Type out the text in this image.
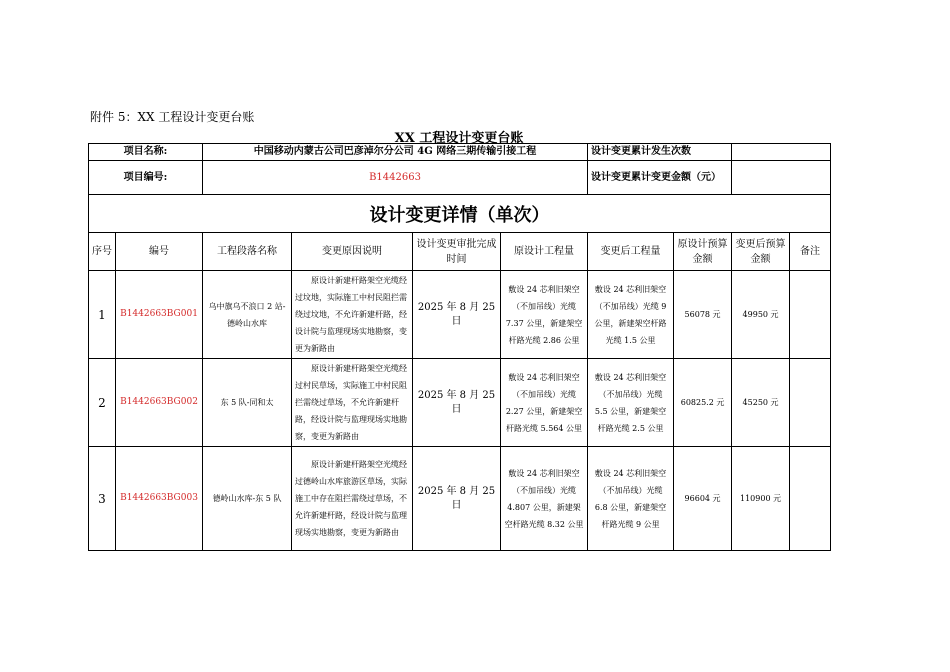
附件 5：XX 工程设计变更台账
XX 工程设计变更台账
项目名称:		中国移动内蒙古公司巴彦淖尔分公司 4G 网络三期传输引接工程				设计变更累计发生次数			
项目编号:		B1442663				设计变更累计变更金额（元）			
设计变更详情（单次）									
序号	编号	工程段落名称	变更原因说明	设计变更审批完成时间	原设计工程量	变更后工程量	原设计预算金额	变更后预算金额	备注
1	B1442663BG001	乌中旗乌不浪口 2 站-德岭山水库	原设计新建杆路架空光缆经过坟地，实际施工中村民阻拦需绕过坟地，不允许新建杆路，经设计院与监理现场实地勘察，变更为新路由	2025 年 8 月 25 日	敷设 24 芯利旧架空（不加吊线）光缆 7.37 公里，新建架空杆路光缆 2.86 公里	敷设 24 芯利旧架空（不加吊线）光缆 9 公里，新建架空杆路光缆 1.5 公里	56078 元	49950 元	
2	B1442663BG002	东 5 队-同和太	原设计新建杆路架空光缆经过村民草场，实际施工中村民阻拦需绕过草场，不允许新建杆路，经设计院与监理现场实地勘察，变更为新路由	2025 年 8 月 25 日	敷设 24 芯利旧架空（不加吊线）光缆 2.27 公里，新建架空杆路光缆 5.564 公里	敷设 24 芯利旧架空（不加吊线）光缆 5.5 公里，新建架空杆路光缆 2.5 公里	60825.2 元	45250 元	
3	B1442663BG003	德岭山水库-东 5 队	原设计新建杆路架空光缆经过德岭山水库旅游区草场，实际施工中存在阻拦需绕过草场，不允许新建杆路，经设计院与监理现场实地勘察，变更为新路由	2025 年 8 月 25 日	敷设 24 芯利旧架空（不加吊线）光缆 4.807 公里，新建架空杆路光缆 8.32 公里	敷设 24 芯利旧架空（不加吊线）光缆 6.8 公里，新建架空杆路光缆 9 公里	96604 元	110900 元	
